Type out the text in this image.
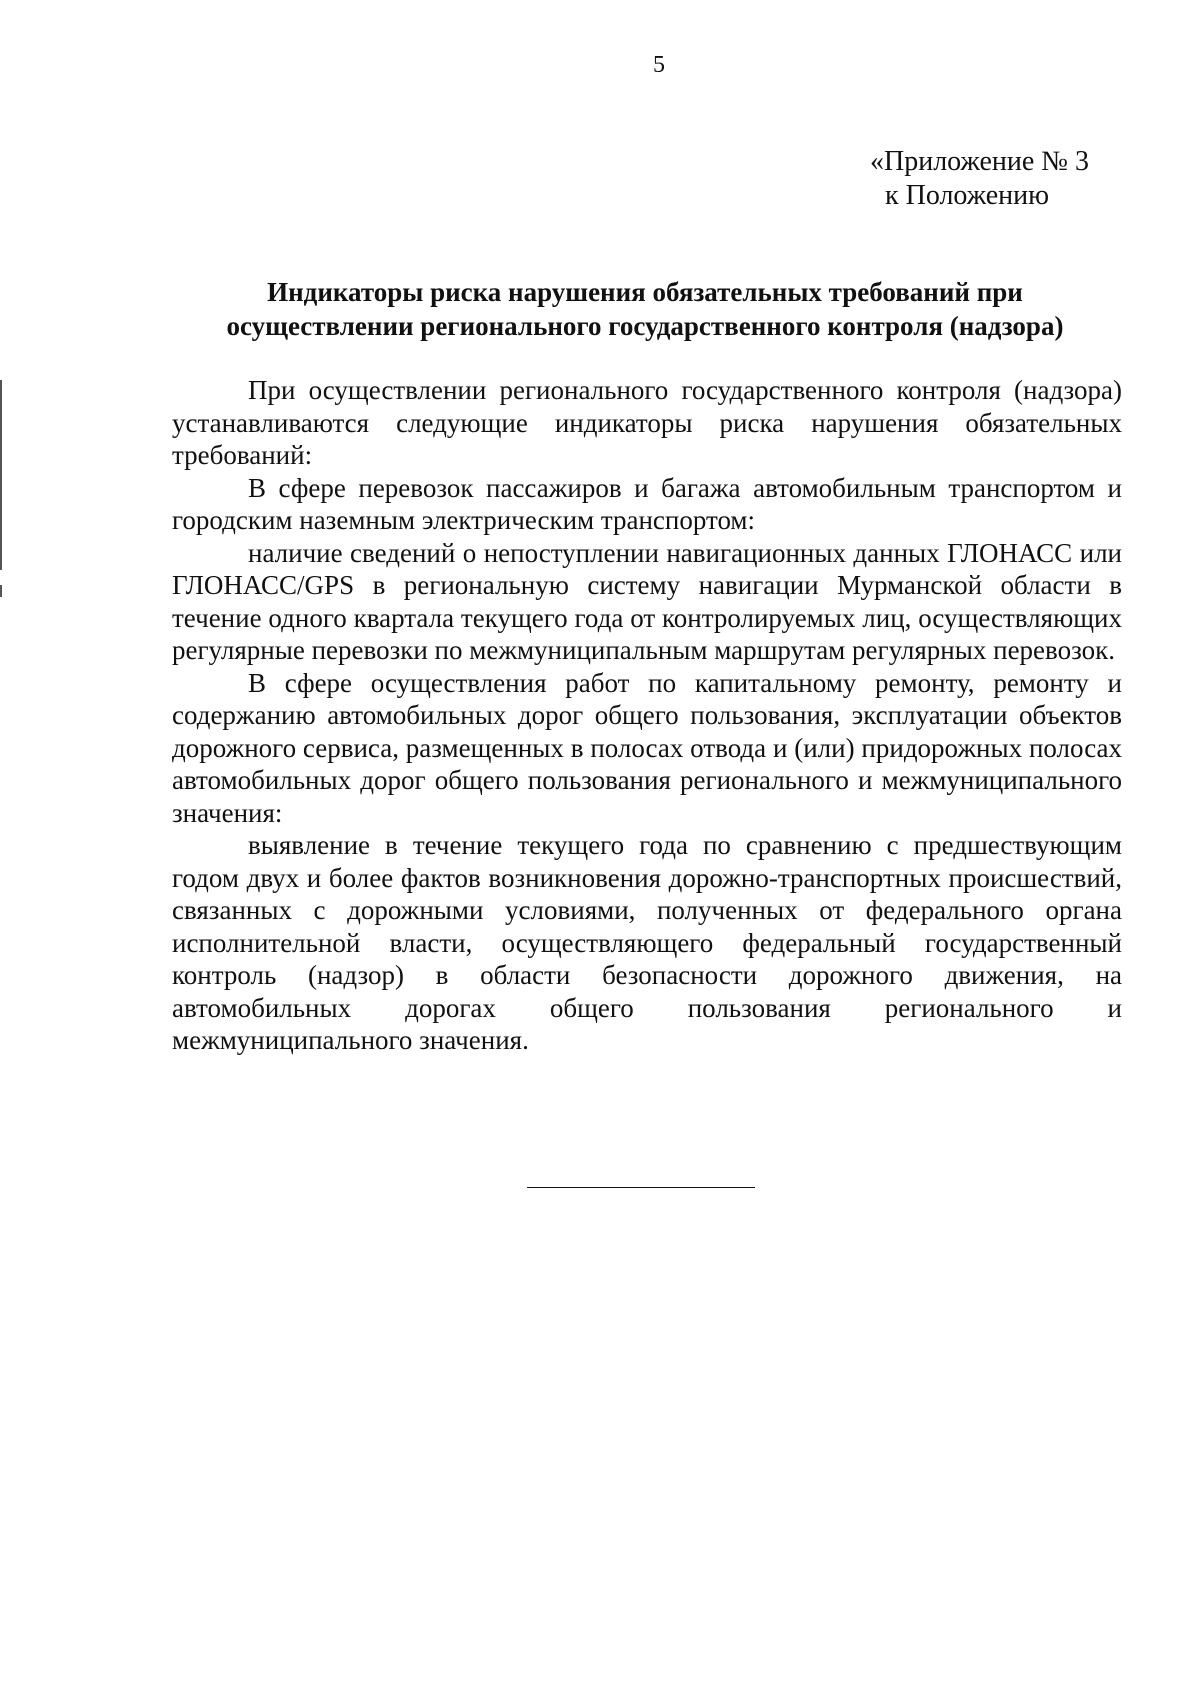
5
«Приложение № 3
к Положению
Индикаторы риска нарушения обязательных требований при
осуществлении регионального государственного контроля (надзора)

При осуществлении регионального государственного контроля (надзора) устанавливаются следующие индикаторы риска нарушения обязательных требований:

В сфере перевозок пассажиров и багажа автомобильным транспортом и городским наземным электрическим транспортом:

наличие сведений о непоступлении навигационных данных ГЛОНАСС или ГЛОНАСС/GPS в региональную систему навигации Мурманской области в течение одного квартала текущего года от контролируемых лиц, осуществляющих регулярные перевозки по межмуниципальным маршрутам регулярных перевозок.

В сфере осуществления работ по капитальному ремонту, ремонту и содержанию автомобильных дорог общего пользования, эксплуатации объектов дорожного сервиса, размещенных в полосах отвода и (или) придорожных полосах автомобильных дорог общего пользования регионального и межмуниципального значения:

выявление в течение текущего года по сравнению с предшествующим годом двух и более фактов возникновения дорожно-транспортных происшествий, связанных с дорожными условиями, полученных от федерального органа исполнительной власти, осуществляющего федеральный государственный контроль (надзор) в области безопасности дорожного движения, на автомобильных дорогах общего пользования регионального и межмуниципального значения.
